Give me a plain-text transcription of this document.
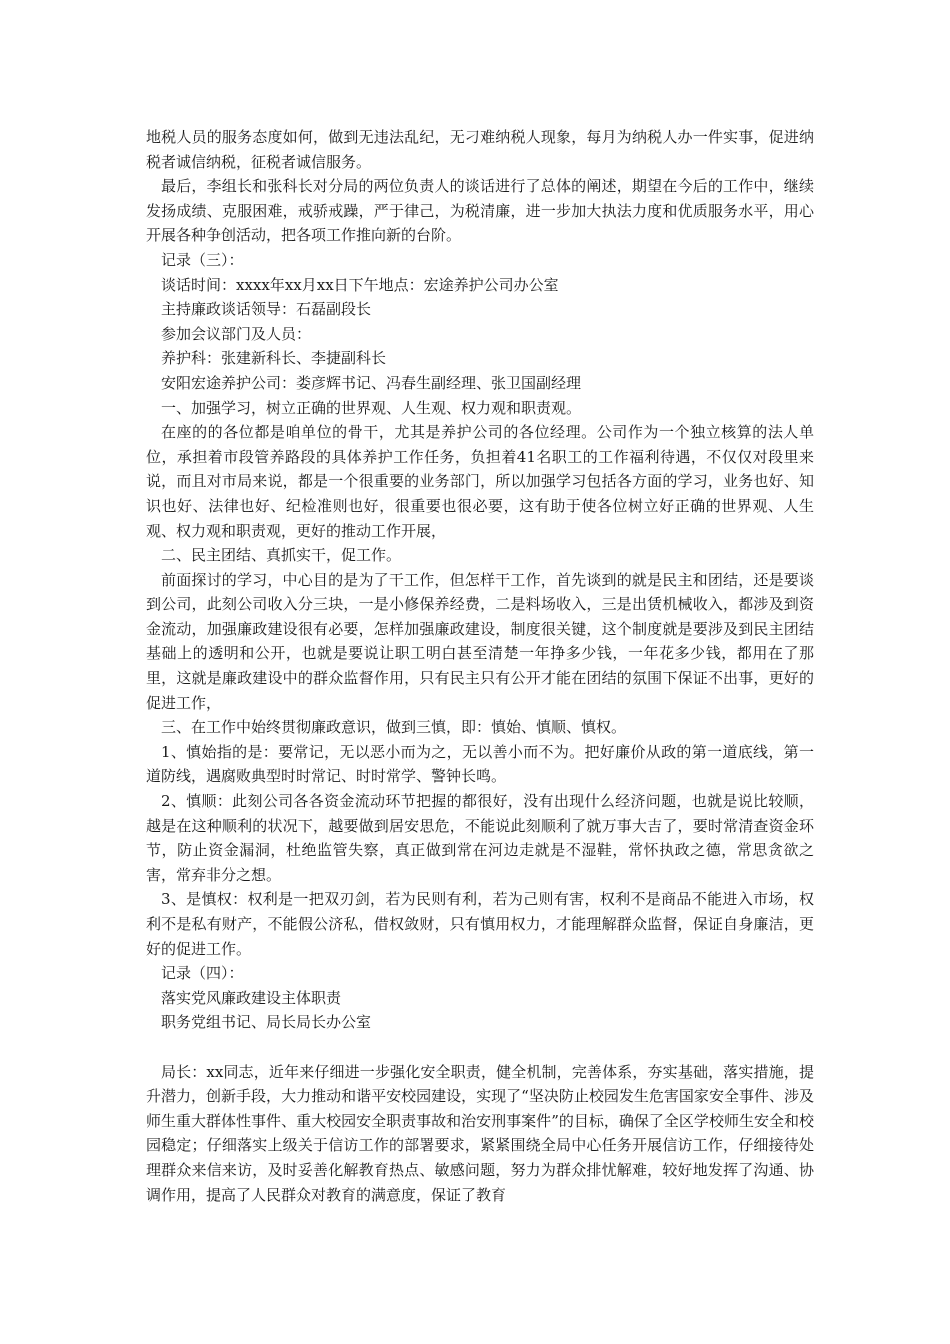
地税人员的服务态度如何，做到无违法乱纪，无刁难纳税人现象，每月为纳税人办一件实事，促进纳税者诚信纳税，征税者诚信服务。

最后，李组长和张科长对分局的两位负责人的谈话进行了总体的阐述，期望在今后的工作中，继续发扬成绩、克服困难，戒骄戒躁，严于律己，为税清廉，进一步加大执法力度和优质服务水平，用心开展各种争创活动，把各项工作推向新的台阶。

记录（三）：

谈话时间：xxxx年xx月xx日下午地点：宏途养护公司办公室

主持廉政谈话领导：石磊副段长

参加会议部门及人员：

养护科：张建新科长、李捷副科长

安阳宏途养护公司：娄彦辉书记、冯春生副经理、张卫国副经理

一、加强学习，树立正确的世界观、人生观、权力观和职责观。

在座的的各位都是咱单位的骨干，尤其是养护公司的各位经理。公司作为一个独立核算的法人单位，承担着市段管养路段的具体养护工作任务，负担着41名职工的工作福利待遇，不仅仅对段里来说，而且对市局来说，都是一个很重要的业务部门，所以加强学习包括各方面的学习，业务也好、知识也好、法律也好、纪检准则也好，很重要也很必要，这有助于使各位树立好正确的世界观、人生观、权力观和职责观，更好的推动工作开展，

二、民主团结、真抓实干，促工作。

前面探讨的学习，中心目的是为了干工作，但怎样干工作，首先谈到的就是民主和团结，还是要谈到公司，此刻公司收入分三块，一是小修保养经费，二是料场收入，三是出赁机械收入，都涉及到资金流动，加强廉政建设很有必要，怎样加强廉政建设，制度很关键，这个制度就是要涉及到民主团结基础上的透明和公开，也就是要说让职工明白甚至清楚一年挣多少钱，一年花多少钱，都用在了那里，这就是廉政建设中的群众监督作用，只有民主只有公开才能在团结的氛围下保证不出事，更好的促进工作，

三、在工作中始终贯彻廉政意识，做到三慎，即：慎始、慎顺、慎权。

1、慎始指的是：要常记，无以恶小而为之，无以善小而不为。把好廉价从政的第一道底线，第一道防线，遇腐败典型时时常记、时时常学、警钟长鸣。

2、慎顺：此刻公司各各资金流动环节把握的都很好，没有出现什么经济问题，也就是说比较顺，越是在这种顺利的状况下，越要做到居安思危，不能说此刻顺利了就万事大吉了，要时常清查资金环节，防止资金漏洞，杜绝监管失察，真正做到常在河边走就是不湿鞋，常怀执政之德，常思贪欲之害，常弃非分之想。

3、是慎权：权利是一把双刃剑，若为民则有利，若为己则有害，权利不是商品不能进入市场，权利不是私有财产，不能假公济私，借权敛财，只有慎用权力，才能理解群众监督，保证自身廉洁，更好的促进工作。

记录（四）：

落实党风廉政建设主体职责

职务党组书记、局长局长办公室

局长：xx同志，近年来仔细进一步强化安全职责，健全机制，完善体系，夯实基础，落实措施，提升潜力，创新手段，大力推动和谐平安校园建设，实现了“坚决防止校园发生危害国家安全事件、涉及师生重大群体性事件、重大校园安全职责事故和治安刑事案件”的目标，确保了全区学校师生安全和校园稳定；仔细落实上级关于信访工作的部署要求，紧紧围绕全局中心任务开展信访工作，仔细接待处理群众来信来访，及时妥善化解教育热点、敏感问题，努力为群众排忧解难，较好地发挥了沟通、协调作用，提高了人民群众对教育的满意度，保证了教育
